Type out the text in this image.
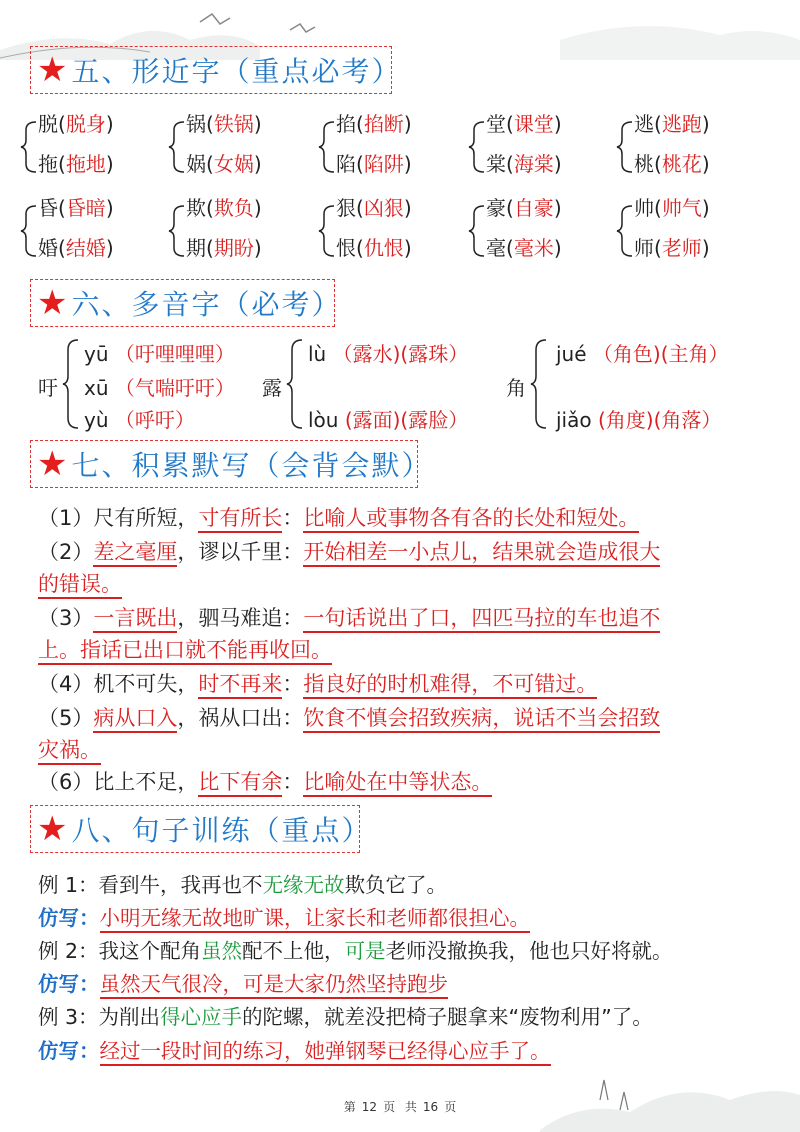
★ 五、形近字（重点必考）
脱(脱身)
拖(拖地)
锅(铁锅)
娲(女娲)
掐(掐断)
陷(陷阱)
堂(课堂)
棠(海棠)
逃(逃跑)
桃(桃花)
昏(昏暗)
婚(结婚)
欺(欺负)
期(期盼)
狠(凶狠)
恨(仇恨)
豪(自豪)
毫(毫米)
帅(帅气)
师(老师)
★ 六、多音字（必考）
吁
yū （吁哩哩哩）
xū （气喘吁吁）
yù （呼吁）
露
lù （露水)(露珠）
lòu (露面)(露脸）
角
jué （角色)(主角）
jiǎo (角度)(角落）
★ 七、积累默写（会背会默）
（1）尺有所短，寸有所长：比喻人或事物各有各的长处和短处。
（2）差之毫厘，谬以千里：开始相差一小点儿，结果就会造成很大
的错误。
（3）一言既出，驷马难追：一句话说出了口，四匹马拉的车也追不
上。指话已出口就不能再收回。
（4）机不可失，时不再来：指良好的时机难得，不可错过。
（5）病从口入，祸从口出：饮食不慎会招致疾病，说话不当会招致
灾祸。
（6）比上不足，比下有余：比喻处在中等状态。
★ 八、句子训练（重点）
例 1：看到牛，我再也不无缘无故欺负它了。
仿写：小明无缘无故地旷课，让家长和老师都很担心。
例 2：我这个配角虽然配不上他，可是老师没撤换我，他也只好将就。
仿写：虽然天气很冷，可是大家仍然坚持跑步
例 3：为削出得心应手的陀螺，就差没把椅子腿拿来“废物利用”了。
仿写：经过一段时间的练习，她弹钢琴已经得心应手了。
第 12 页 共 16 页
